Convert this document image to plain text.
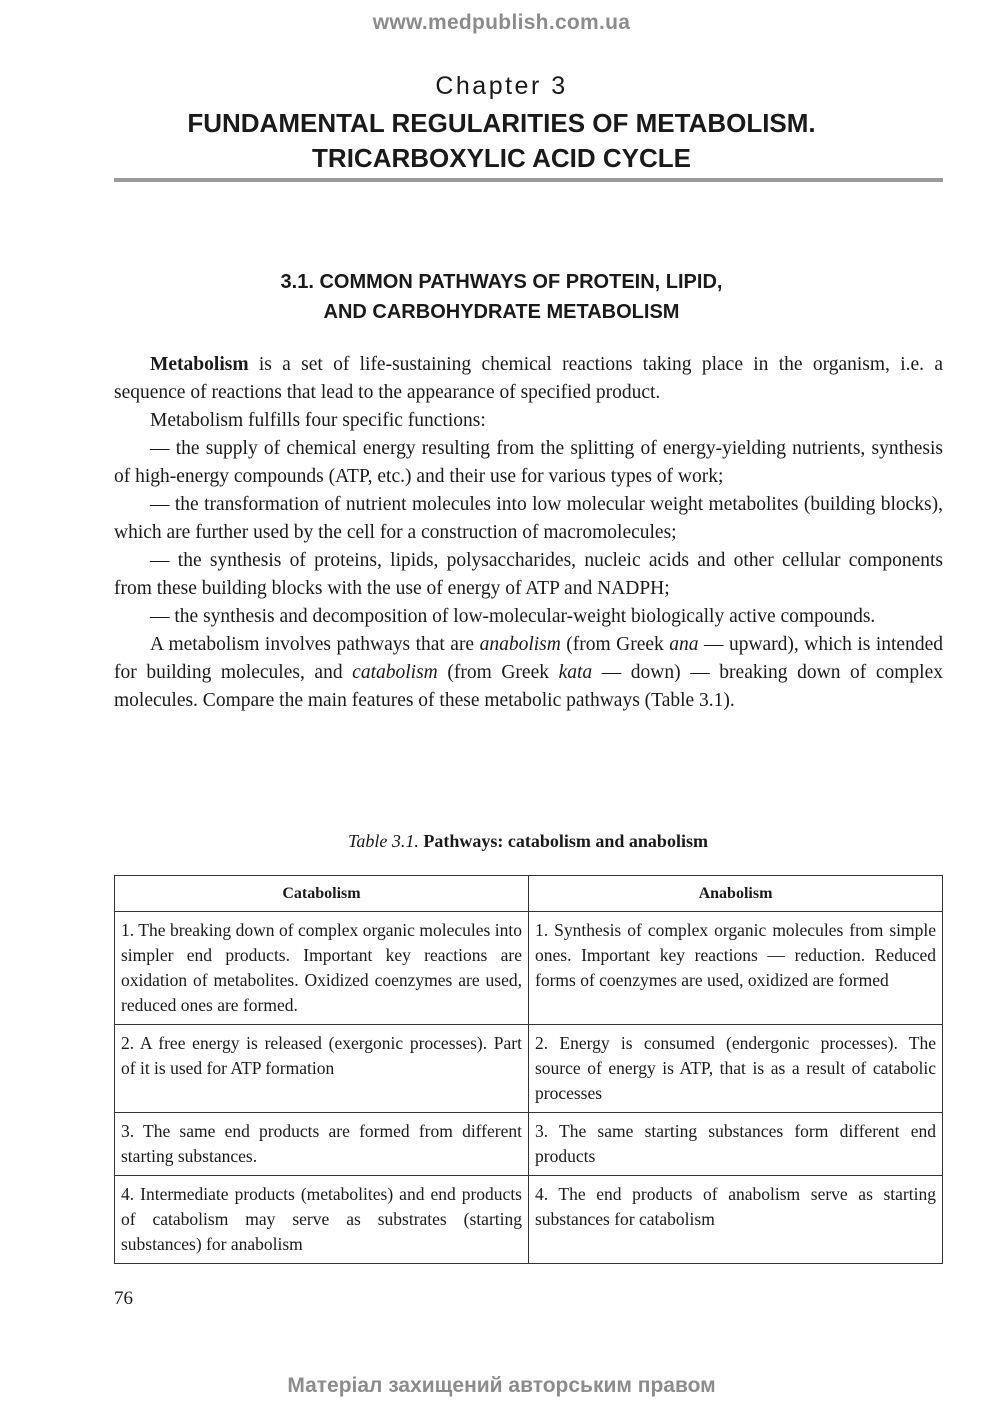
www.medpublish.com.ua
Chapter 3
FUNDAMENTAL REGULARITIES OF METABOLISM.
TRICARBOXYLIC ACID CYCLE
3.1. COMMON PATHWAYS OF PROTEIN, LIPID,
AND CARBOHYDRATE METABOLISM

Metabolism is a set of life-sustaining chemical reactions taking place in the organism, i.e. a sequence of reactions that lead to the appearance of specified product.

Metabolism fulfills four specific functions:

— the supply of chemical energy resulting from the splitting of energy-yielding nutrients, synthesis of high-energy compounds (ATP, etc.) and their use for various types of work;

— the transformation of nutrient molecules into low molecular weight metabolites (building blocks), which are further used by the cell for a construction of macromolecules;

— the synthesis of proteins, lipids, polysaccharides, nucleic acids and other cellular components from these building blocks with the use of energy of ATP and NADPH;

— the synthesis and decomposition of low-molecular-weight biologically active compounds.

A metabolism involves pathways that are anabolism (from Greek ana — upward), which is intended for building molecules, and catabolism (from Greek kata — down) — breaking down of complex molecules. Compare the main features of these metabolic pathways (Table 3.1).

Table 3.1. Pathways: catabolism and anabolism
Catabolism	Anabolism
1. The breaking down of complex organic molecules into simpler end products. Important key reactions are oxidation of metabolites. Oxidized coenzymes are used, reduced ones are formed.	1. Synthesis of complex organic molecules from simple ones. Important key reactions — reduction. Reduced forms of coenzymes are used, oxidized are formed
2. A free energy is released (exergonic processes). Part of it is used for ATP formation	2. Energy is consumed (endergonic processes). The source of energy is ATP, that is as a result of catabolic processes
3. The same end products are formed from different starting substances.	3. The same starting substances form different end products
4. Intermediate products (metabolites) and end products of catabolism may serve as substrates (starting substances) for anabolism	4. The end products of anabolism serve as starting substances for catabolism
76
Матеріал захищений авторським правом
